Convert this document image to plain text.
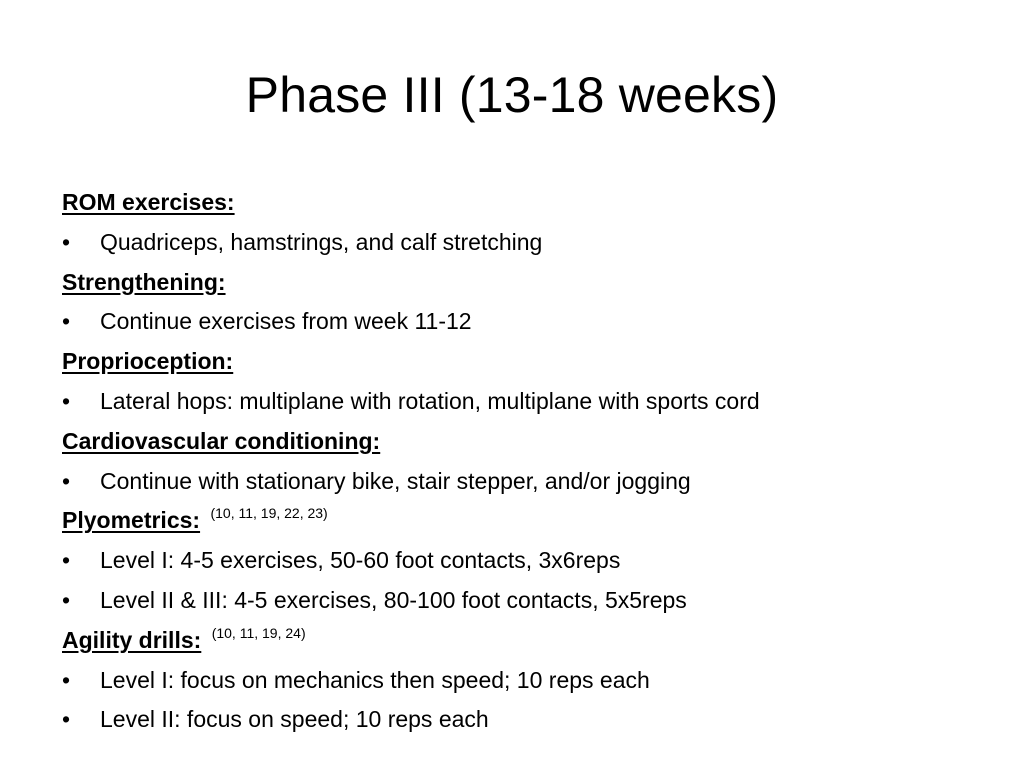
Phase III (13-18 weeks)
ROM exercises:
•	Quadriceps, hamstrings, and calf stretching
Strengthening:
•	Continue exercises from week 11-12
Proprioception:
•	Lateral hops: multiplane with rotation, multiplane with sports cord
Cardiovascular conditioning:
•	Continue with stationary bike, stair stepper, and/or jogging
Plyometrics: $^{(10, 11, 19, 22, 23)}$
•	Level I: 4-5 exercises, 50-60 foot contacts, 3x6reps
•	Level II & III: 4-5 exercises, 80-100 foot contacts, 5x5reps
Agility drills: $^{(10, 11, 19, 24)}$
•	Level I: focus on mechanics then speed; 10 reps each
•	Level II: focus on speed; 10 reps each
